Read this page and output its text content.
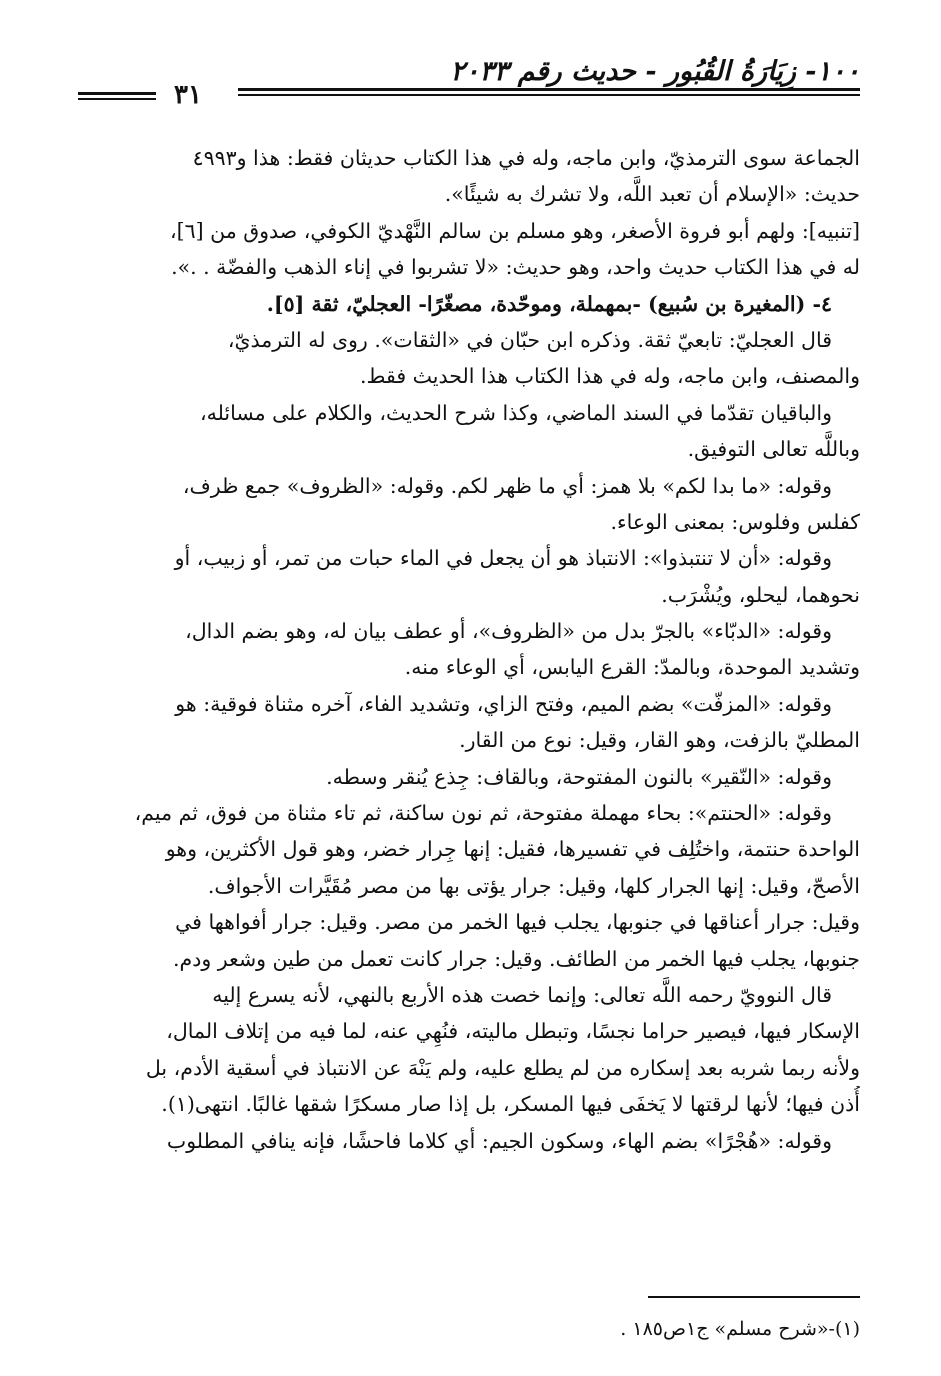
١٠٠- زِيَارَةُ القُبُور - حديث رقم ٢٠٣٣
٣١
الجماعة سوى الترمذيّ، وابن ماجه، وله في هذا الكتاب حديثان فقط: هذا و٤٩٩٣
حديث: «الإسلام أن تعبد اللَّه، ولا تشرك به شيئًا».
[تنبيه]: ولهم أبو فروة الأصغر، وهو مسلم بن سالم النَّهْديّ الكوفي، صدوق من [٦]،
له في هذا الكتاب حديث واحد، وهو حديث: «لا تشربوا في إناء الذهب والفضّة . .».
٤- (المغيرة بن سُبيع) -بمهملة، وموحّدة، مصغّرًا- العجليّ، ثقة [٥].
قال العجليّ: تابعيّ ثقة. وذكره ابن حبّان في «الثقات». روى له الترمذيّ،
والمصنف، وابن ماجه، وله في هذا الكتاب هذا الحديث فقط.
والباقيان تقدّما في السند الماضي، وكذا شرح الحديث، والكلام على مسائله،
وباللَّه تعالى التوفيق.
وقوله: «ما بدا لكم» بلا همز: أي ما ظهر لكم. وقوله: «الظروف» جمع ظرف،
كفلس وفلوس: بمعنى الوعاء.
وقوله: «أن لا تنتبذوا»: الانتباذ هو أن يجعل في الماء حبات من تمر، أو زبيب، أو
نحوهما، ليحلو، ويُشْرَب.
وقوله: «الدبّاء» بالجرّ بدل من «الظروف»، أو عطف بيان له، وهو بضم الدال،
وتشديد الموحدة، وبالمدّ: القرع اليابس، أي الوعاء منه.
وقوله: «المزفّت» بضم الميم، وفتح الزاي، وتشديد الفاء، آخره مثناة فوقية: هو
المطليّ بالزفت، وهو القار، وقيل: نوع من القار.
وقوله: «النّقير» بالنون المفتوحة، وبالقاف: جِذع يُنقر وسطه.
وقوله: «الحنتم»: بحاء مهملة مفتوحة، ثم نون ساكنة، ثم تاء مثناة من فوق، ثم ميم،
الواحدة حنتمة، واختُلِف في تفسيرها، فقيل: إنها جِرار خضر، وهو قول الأكثرين، وهو
الأصحّ، وقيل: إنها الجرار كلها، وقيل: جرار يؤتى بها من مصر مُقَيَّرات الأجواف.
وقيل: جرار أعناقها في جنوبها، يجلب فيها الخمر من مصر. وقيل: جرار أفواهها في
جنوبها، يجلب فيها الخمر من الطائف. وقيل: جرار كانت تعمل من طين وشعر ودم.
قال النوويّ رحمه اللَّه تعالى: وإنما خصت هذه الأربع بالنهي، لأنه يسرع إليه
الإسكار فيها، فيصير حراما نجسًا، وتبطل ماليته، فنُهِي عنه، لما فيه من إتلاف المال،
ولأنه ربما شربه بعد إسكاره من لم يطلع عليه، ولم يَنْهَ عن الانتباذ في أسقية الأدم، بل
أُذن فيها؛ لأنها لرقتها لا يَخفَى فيها المسكر، بل إذا صار مسكرًا شقها غالبًا. انتهى(١).
وقوله: «هُجْرًا» بضم الهاء، وسكون الجيم: أي كلاما فاحشًا، فإنه ينافي المطلوب
(١)-«شرح مسلم» ج١ص١٨٥ .
